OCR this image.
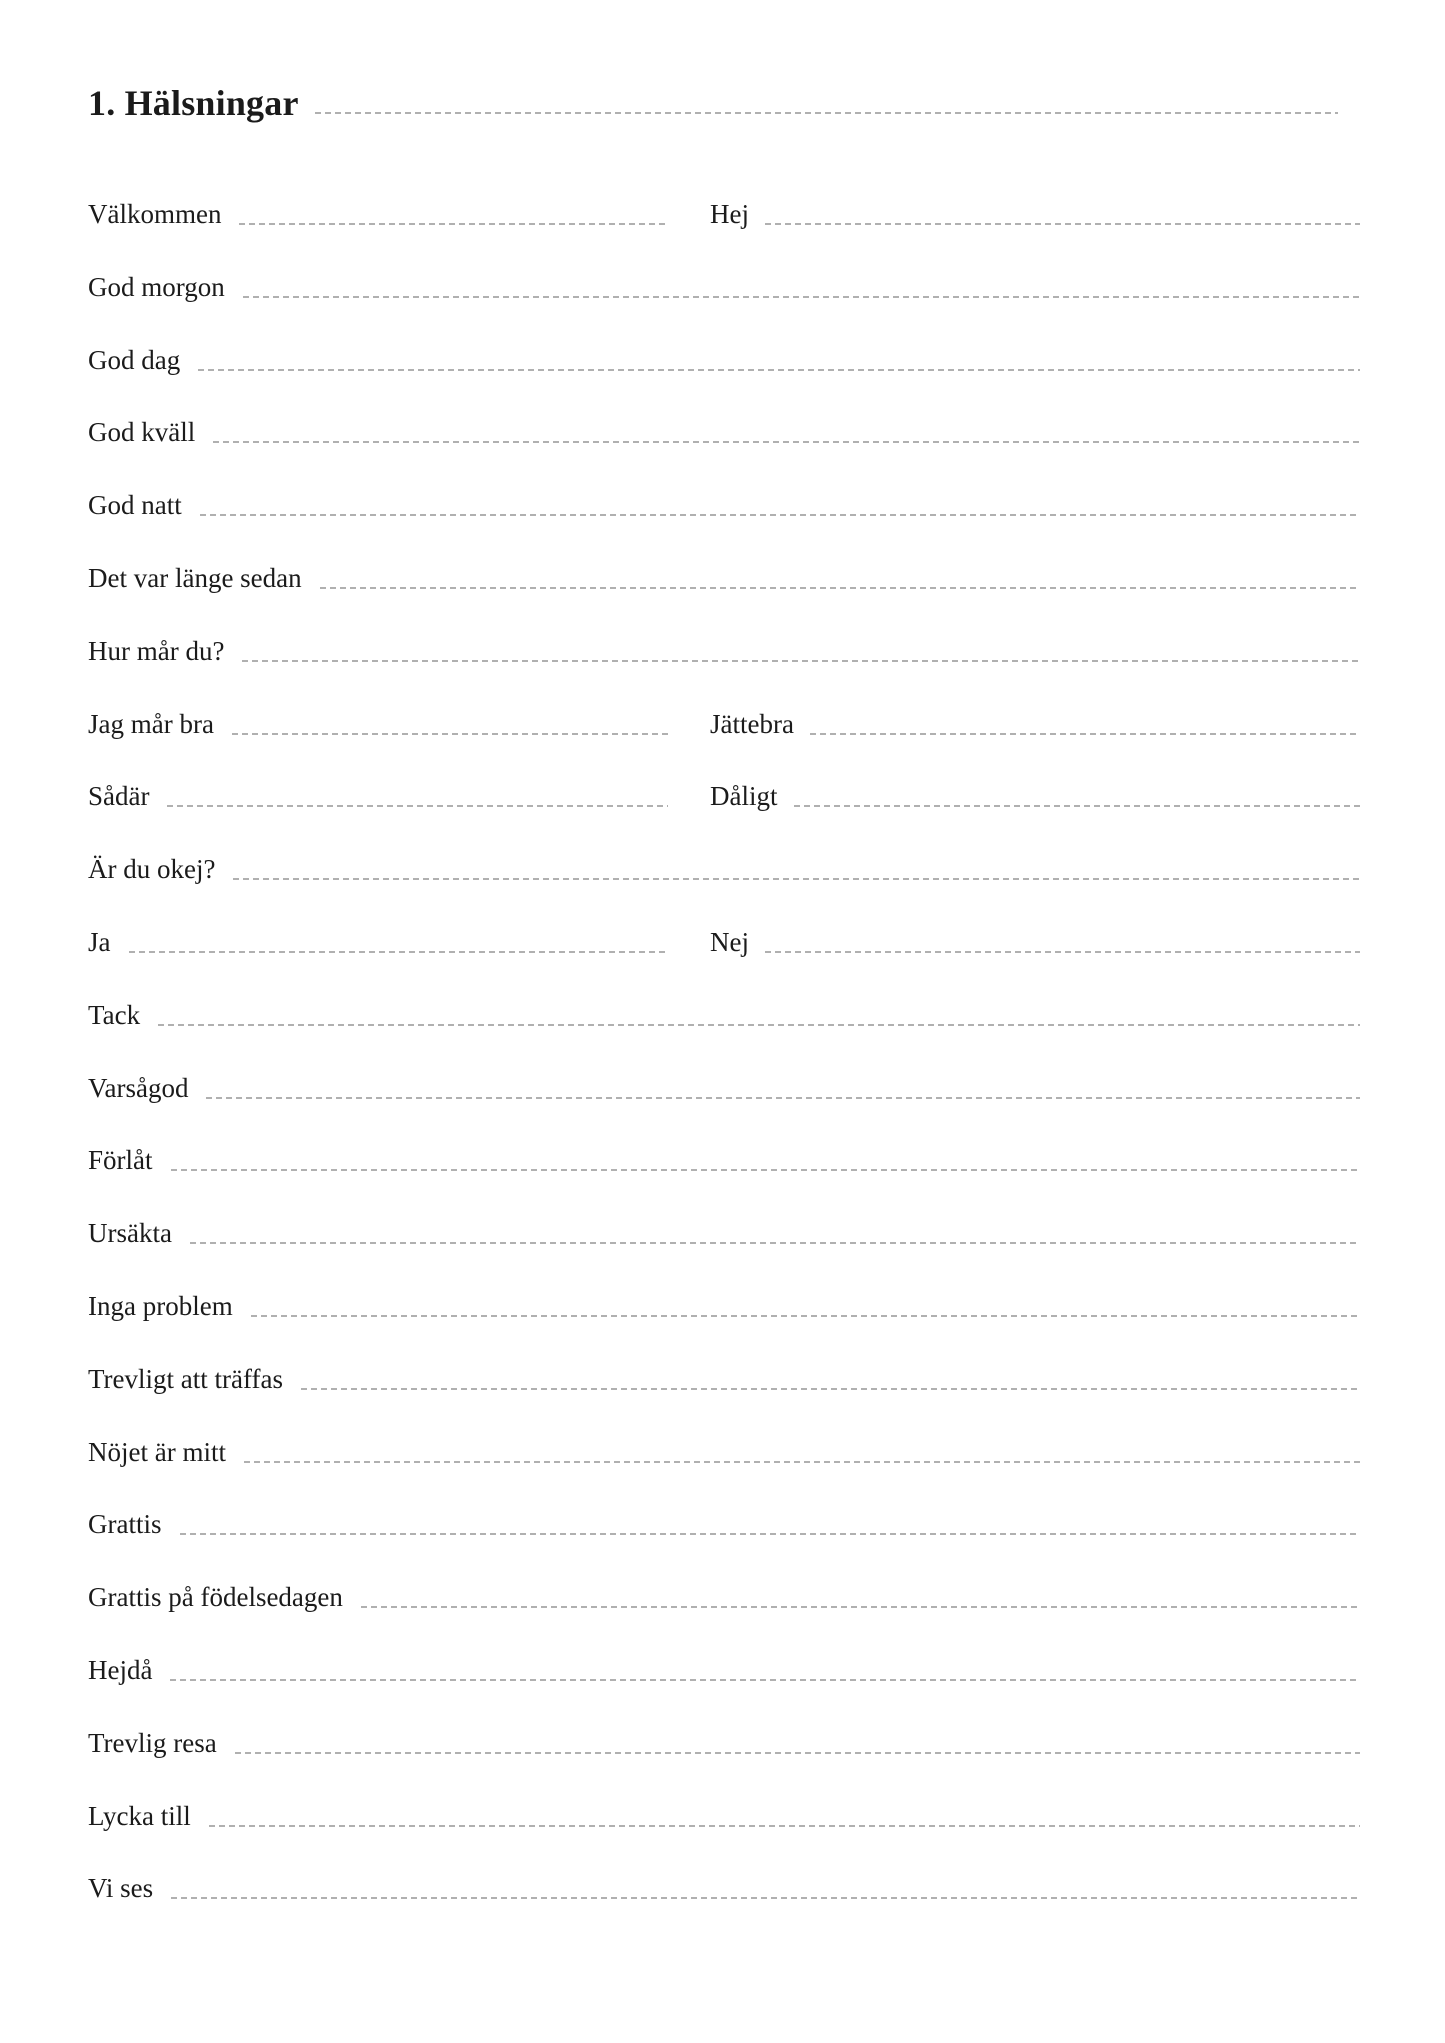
1. Hälsningar
Välkommen	Hej
God morgon
God dag
God kväll
God natt
Det var länge sedan
Hur mår du?
Jag mår bra	Jättebra
Sådär	Dåligt
Är du okej?
Ja	Nej
Tack
Varsågod
Förlåt
Ursäkta
Inga problem
Trevligt att träffas
Nöjet är mitt
Grattis
Grattis på födelsedagen
Hejdå
Trevlig resa
Lycka till
Vi ses
